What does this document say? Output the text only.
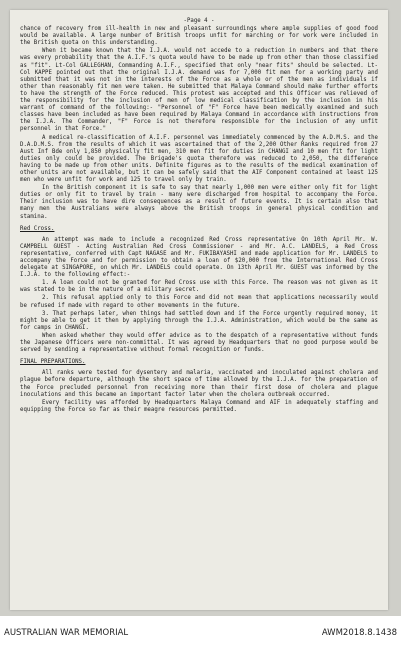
-Page 4 -

chance of recovery from ill-health in new and pleasant surroundings where ample supplies of good food would be available. A large number of British troops unfit for marching or for work were included in the British quota on this understanding.

When it became known that the I.J.A. would not accede to a reduction in numbers and that there was every probability that the A.I.F.'s quota would have to be made up from other than those classified as "fit". Lt-Col GALLEGHAN, Commanding A.I.F., specified that only "near fits" should be selected. Lt-Col KAPPE pointed out that the original I.J.A. demand was for 7,000 fit men for a working party and submitted that it was not in the interests of the Force as a whole or of the men as individuals if other than reasonably fit men were taken. He submitted that Malaya Command should make further efforts to have the strength of the Force reduced. This protest was accepted and this Officer was relieved of the responsibility for the inclusion of men of low medical classification by the inclusion in his warrant of command of the following:- "Personnel of "F" Force have been medically examined and such classes have been included as have been required by Malaya Command in accordance with instructions from the I.J.A. The Commander, "F" Force is not therefore responsible for the inclusion of any unfit personnel in that Force."

A medical re-classification of A.I.F. personnel was immediately commenced by the A.D.M.S. and the D.A.D.M.S. from the results of which it was ascertained that of the 2,200 Other Ranks required from 27 Aust Inf Bde only 1,850 physically fit men, 310 men fit for duties in CHANGI and 10 men fit for light duties only could be provided. The Brigade's quota therefore was reduced to 2,050, the difference having to be made up from other units. Definite figures as to the results of the medical examination of other units are not available, but it can be safely said that the AIF Component contained at least 125 men who were unfit for work and 125 to travel only by train.

In the British component it is safe to say that nearly 1,000 men were either only fit for light duties or only fit to travel by train - many were discharged from hospital to accompany the Force. Their inclusion was to have dire consequences as a result of future events. It is certain also that many men the Australians were always above the British troops in general physical condition and stamina.

Red Cross.

An attempt was made to include a recognized Red Cross representative On 10th April Mr. W. CAMPBELL GUEST - Acting Australian Red Cross Commissioner - and Mr. A.C. LANDELS, a Red Cross representative, conferred with Capt NAGASE and Mr. FUKIBAYASHI and made application for Mr. LANDELS to accompany the Force and for permission to obtain a loan of $20,000 from the International Red Cross delegate at SINGAPORE, on which Mr. LANDELS could operate. On 13th April Mr. GUEST was informed by the I.J.A. to the following effect:-

1. A loan could not be granted for Red Cross use with this Force. The reason was not given as it was stated to be in the nature of a military secret.

2. This refusal applied only to this Force and did not mean that applications necessarily would be refused if made with regard to other movements in the future.

3. That perhaps later, when things had settled down and if the Force urgently required money, it might be able to get it then by applying through the I.J.A. Administration, which would be the same as for camps in CHANGI.

When asked whether they would offer advice as to the despatch of a representative without funds the Japanese Officers were non-committal. It was agreed by Headquarters that no good purpose would be served by sending a representative without formal recognition or funds.

FINAL PREPARATIONS.

All ranks were tested for dysentery and malaria, vaccinated and inoculated against cholera and plague before departure, although the short space of time allowed by the I.J.A. for the preparation of the Force precluded personnel from receiving more than their first dose of cholera and plague inoculations and this became an important factor later when the cholera outbreak occurred.

Every facility was afforded by Headquarters Malaya Command and AIF in adequately staffing and equipping the Force so far as their meagre resources permitted.

AUSTRALIAN WAR MEMORIAL	AWM2018.8.1438
